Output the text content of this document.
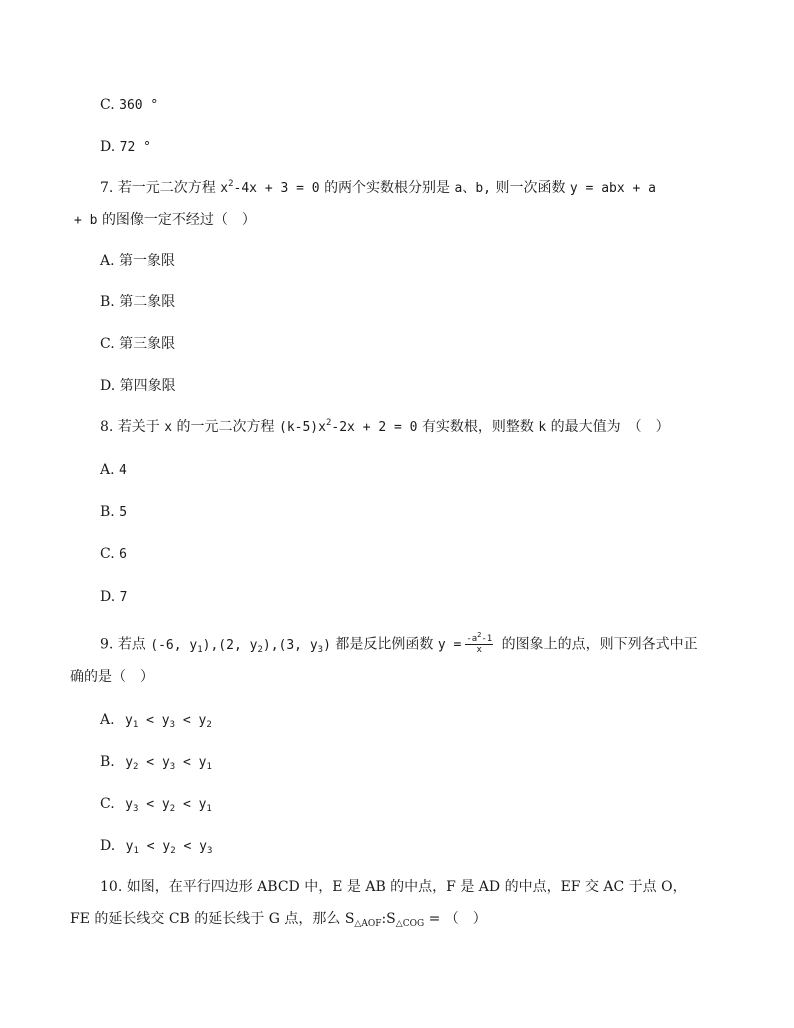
C. 360 °
D. 72 °
7. 若一元二次方程 $x^2-4x + 3 = 0$ 的两个实数根分别是 a、b, 则一次函数 y = abx + a
+ b 的图像一定不经过（　）
A. 第一象限
B. 第二象限
C. 第三象限
D. 第四象限
8. 若关于 x 的一元二次方程 $(k-5)x^2-2x + 2 = 0$ 有实数根，则整数 k 的最大值为　（　）
A. 4
B. 5
C. 6
D. 7
9. 若点 (-6, $y_1),(2$, $y_2),(3$, $y_3$) 都是反比例函数 $y = \frac{-a^2-1}{x}$ 的图象上的点，则下列各式中正
确的是（　）
A. $y_1 < y_3 < y_2$
B. $y_2 < y_3 < y_1$
C. $y_3 < y_2 < y_1$
D. $y_1 < y_2 < y_3$
10. 如图，在平行四边形 ABCD 中，E 是 AB 的中点，F 是 AD 的中点，EF 交 AC 于点 O，
FE 的延长线交 CB 的延长线于 G 点，那么 $S_{\triangle AOF}:S_{\triangle COG}$ = （　）
